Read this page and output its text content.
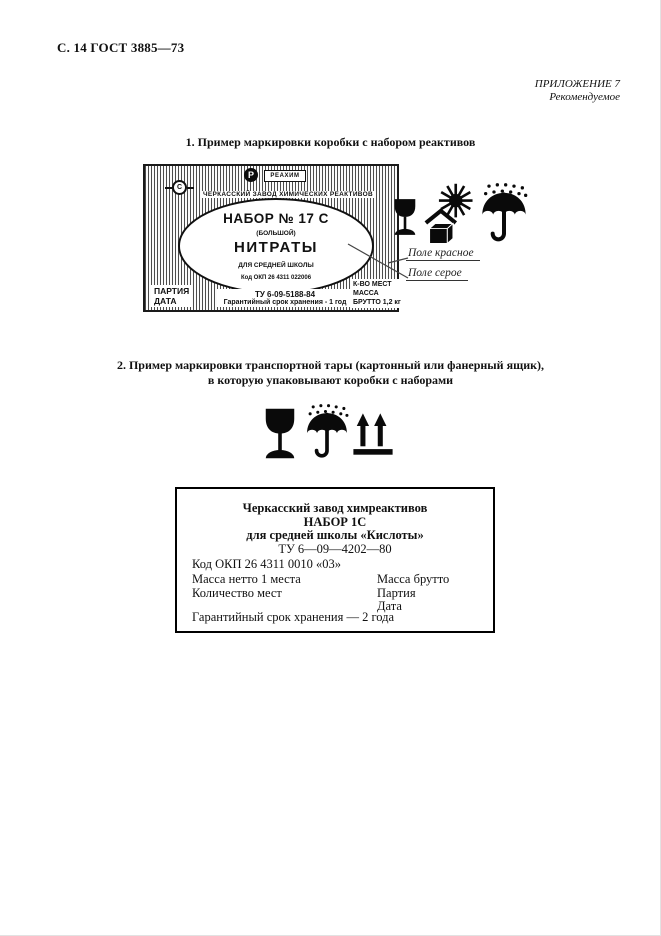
С. 14 ГОСТ 3885—73
ПРИЛОЖЕНИЕ 7
Рекомендуемое
1. Пример маркировки коробки с набором реактивов
С
Р	РЕАХИМ
ЧЕРКАССКИЙ ЗАВОД ХИМИЧЕСКИХ РЕАКТИВОВ
НАБОР № 17 С
(БОЛЬШОЙ)
НИТРАТЫ
ДЛЯ СРЕДНЕЙ ШКОЛЫ
Код ОКП 26 4311 022006
ПАРТИЯ
ДАТА
ТУ 6-09-5188-84
Гарантийный срок хранения - 1 год
К-ВО МЕСТ
МАССА
БРУТТО 1,2 кг
Поле красное
Поле серое
2. Пример маркировки транспортной тары (картонный или фанерный ящик),
в которую упаковывают коробки с наборами
Черкасский завод химреактивов
НАБОР 1С
для средней школы «Кислоты»
ТУ 6—09—4202—80
Код ОКП 26 4311 0010 «03»
Масса нетто 1 места
Количество мест
Масса брутто
Партия
Дата
Гарантийный срок хранения — 2 года
